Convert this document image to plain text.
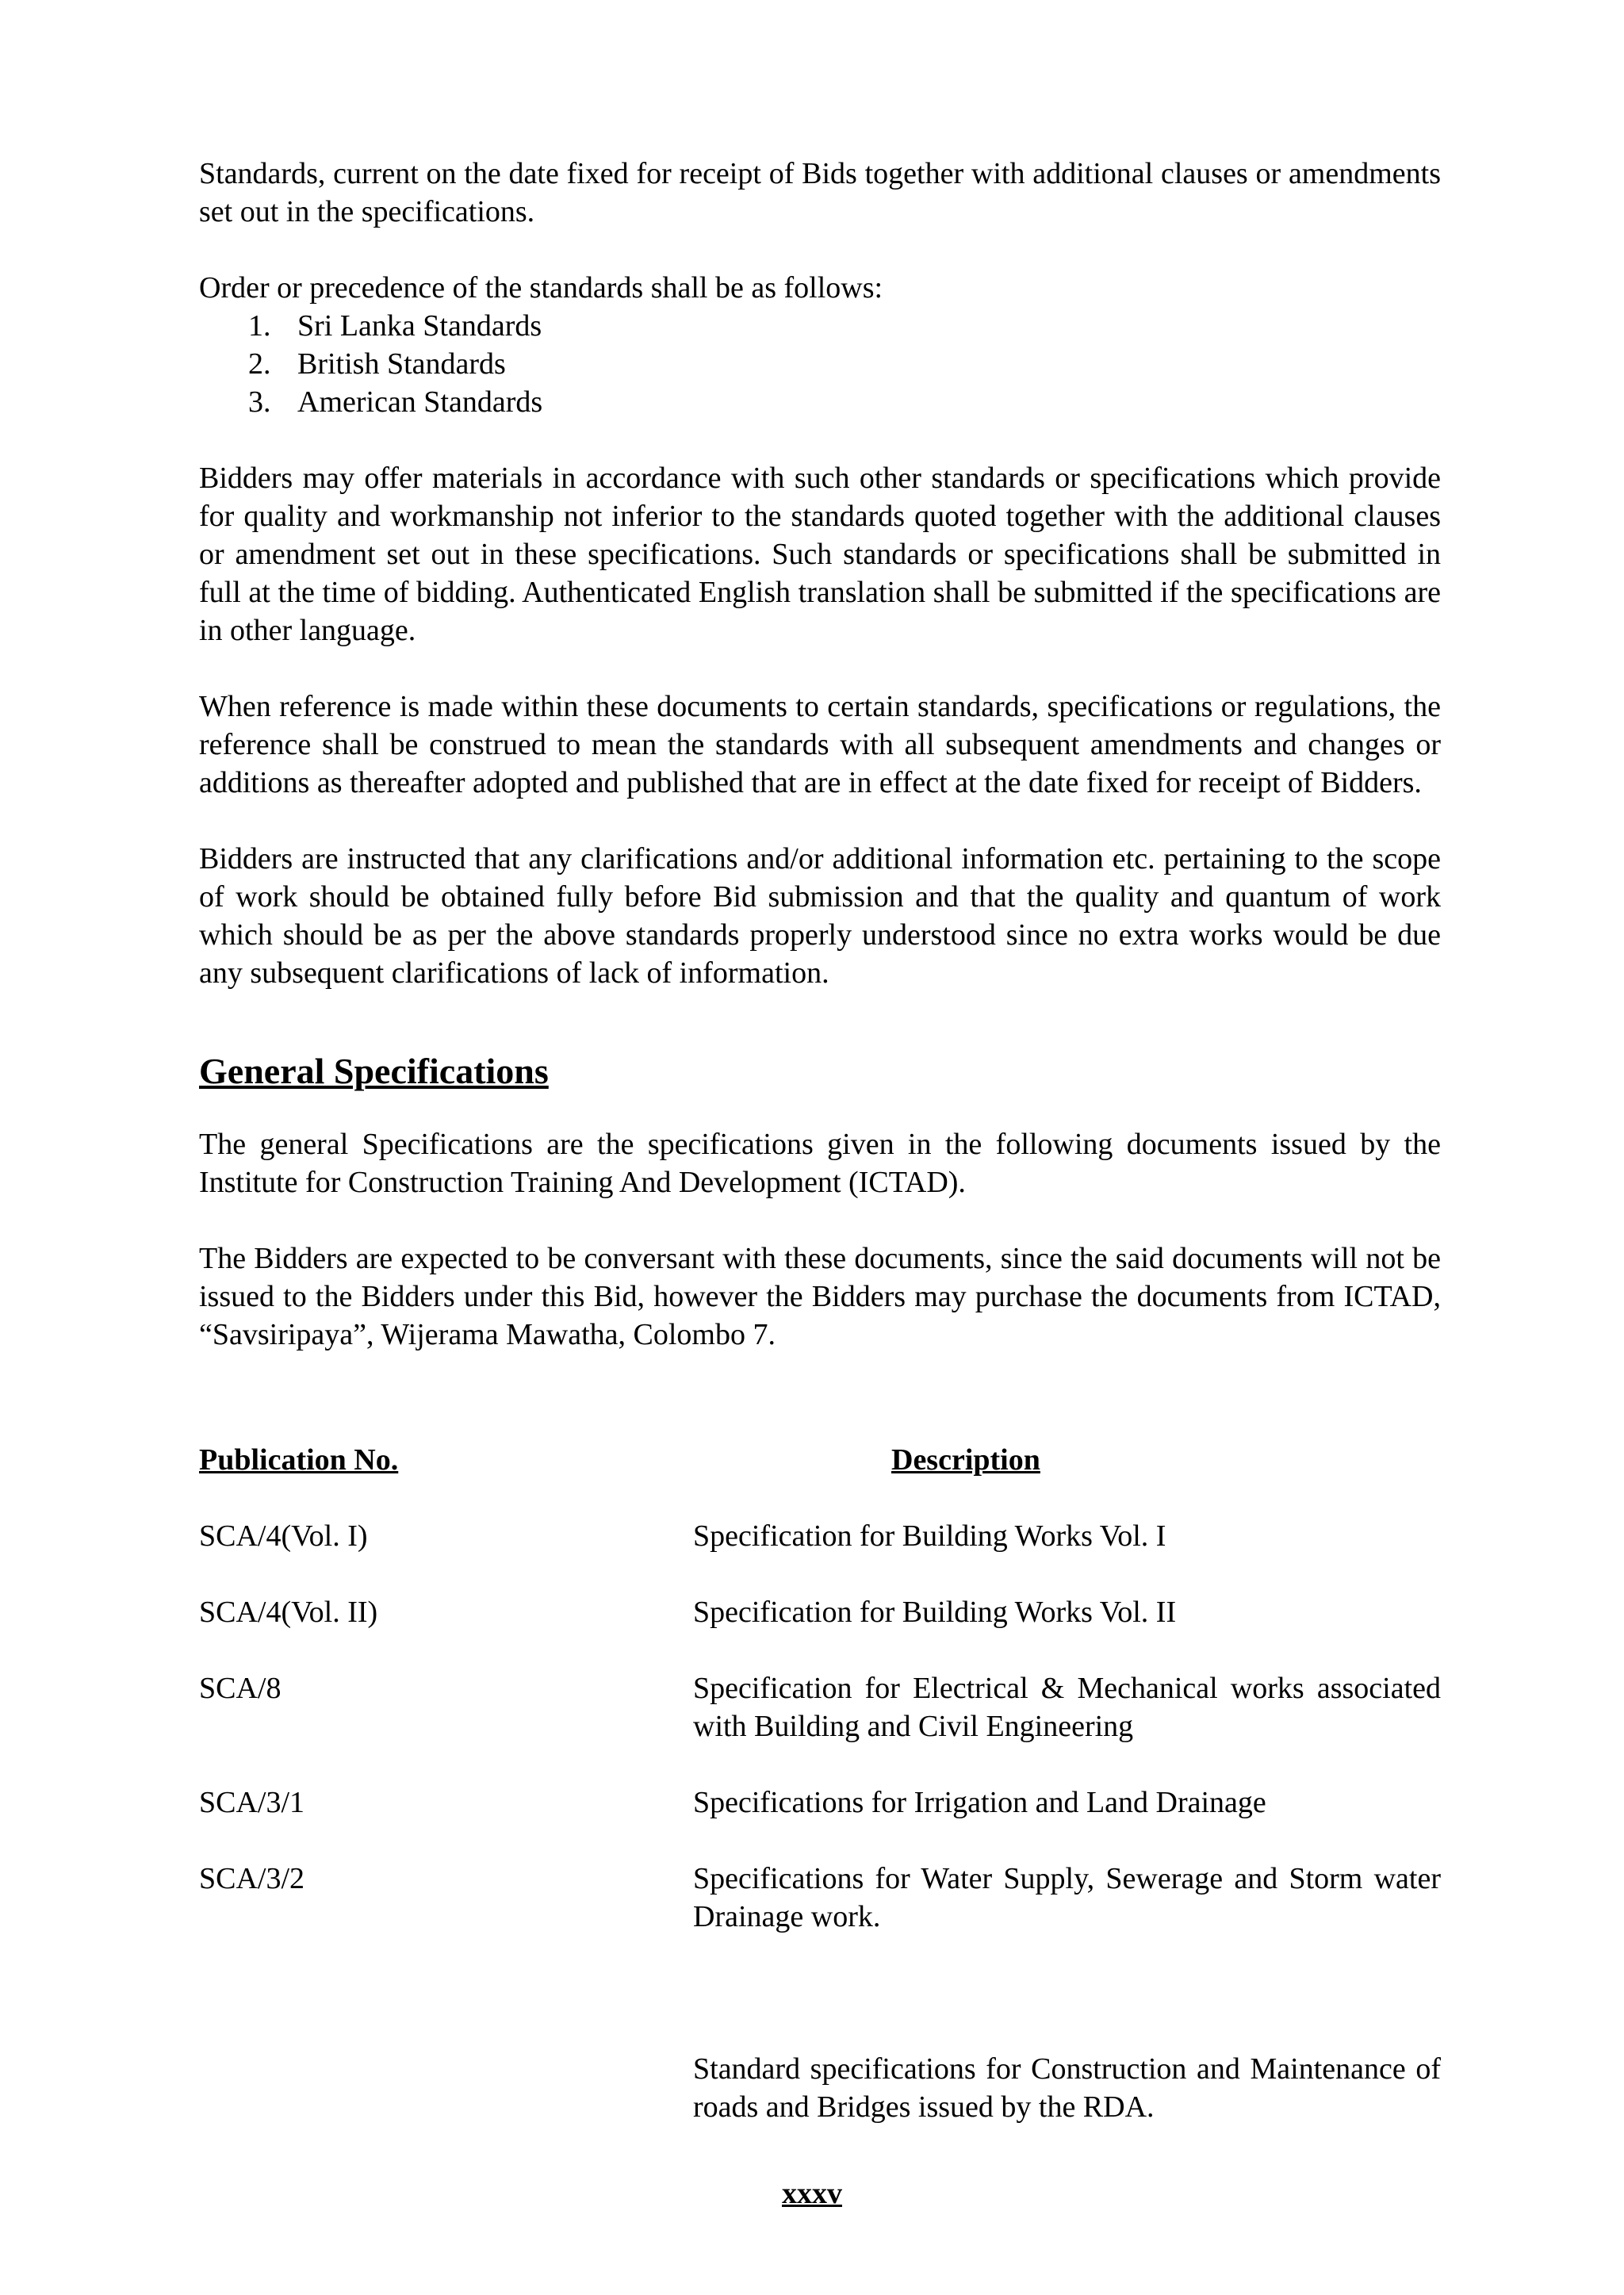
Standards, current on the date fixed for receipt of Bids together with additional clauses or amendments set out in the specifications.

Order or precedence of the standards shall be as follows:

1. Sri Lanka Standards
2. British Standards
3. American Standards

Bidders may offer materials in accordance with such other standards or specifications which provide for quality and workmanship not inferior to the standards quoted together with the additional clauses or amendment set out in these specifications. Such standards or specifications shall be submitted in full at the time of bidding. Authenticated English translation shall be submitted if the specifications are in other language.

When reference is made within these documents to certain standards, specifications or regulations, the reference shall be construed to mean the standards with all subsequent amendments and changes or additions as thereafter adopted and published that are in effect at the date fixed for receipt of Bidders.

Bidders are instructed that any clarifications and/or additional information etc. pertaining to the scope of work should be obtained fully before Bid submission and that the quality and quantum of work which should be as per the above standards properly understood since no extra works would be due any subsequent clarifications of lack of information.

General Specifications

The general Specifications are the specifications given in the following documents issued by the Institute for Construction Training And Development (ICTAD).

The Bidders are expected to be conversant with these documents, since the said documents will not be issued to the Bidders under this Bid, however the Bidders may purchase the documents from ICTAD, “Savsiripaya”, Wijerama Mawatha, Colombo 7.

Publication No.	Description
SCA/4(Vol. I)	Specification for Building Works Vol. I
SCA/4(Vol. II)	Specification for Building Works Vol. II
SCA/8	Specification for Electrical & Mechanical works associated with Building and Civil Engineering
SCA/3/1	Specifications for Irrigation and Land Drainage
SCA/3/2	Specifications for Water Supply, Sewerage and Storm water Drainage work.
	Standard specifications for Construction and Maintenance of roads and Bridges issued by the RDA.
xxxv
